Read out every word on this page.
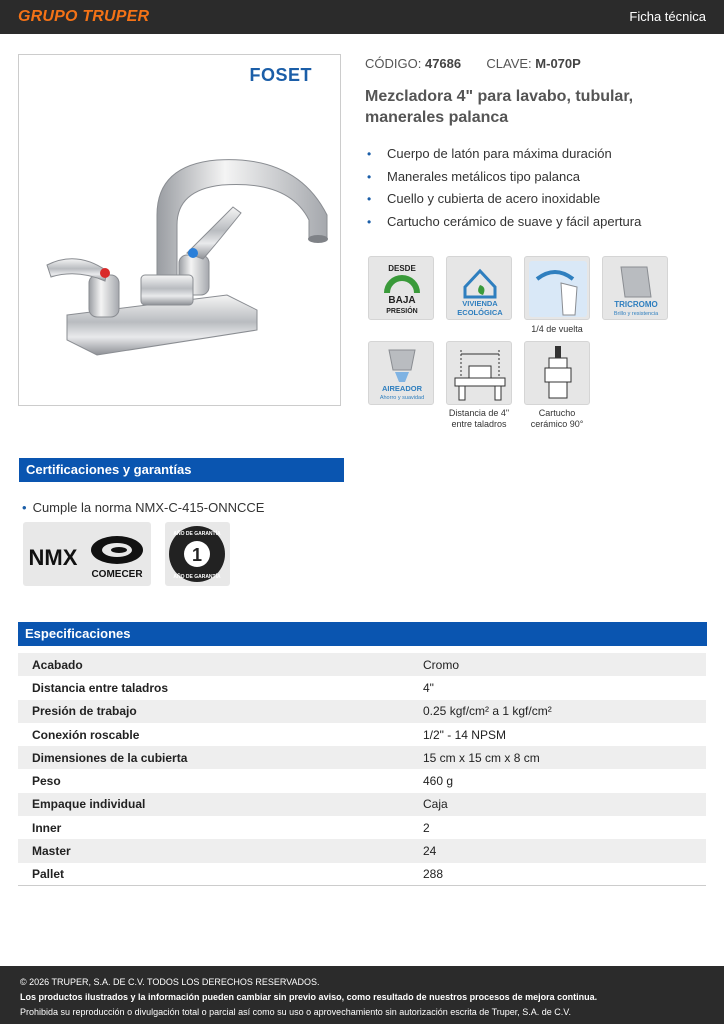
GRUPO TRUPER	Ficha técnica
FOSET
CÓDIGO: 47686 CLAVE: M-070P
Mezcladora 4" para lavabo, tubular, manerales palanca
• Cuerpo de latón para máxima duración
• Manerales metálicos tipo palanca
• Cuello y cubierta de acero inoxidable
• Cartucho cerámico de suave y fácil apertura
DESDE
BAJA
PRESIÓN
VIVIENDA
ECOLÓGICA
1/4 de vuelta
TRICROMO
Brillo y resistencia
AIREADOR
Ahorro y suavidad
Distancia de 4" entre taladros
Cartucho cerámico 90°
Certificaciones y garantías
• Cumple la norma NMX-C-415-ONNCCE
NMX
COMECER
1
AÑO DE GARANTÍA
AÑO DE GARANTÍA
Especificaciones
Acabado	Cromo
Distancia entre taladros	4"
Presión de trabajo	0.25 kgf/cm² a 1 kgf/cm²
Conexión roscable	1/2" - 14 NPSM
Dimensiones de la cubierta	15 cm x 15 cm x 8 cm
Peso	460 g
Empaque individual	Caja
Inner	2
Master	24
Pallet	288
© 2026 TRUPER, S.A. DE C.V. TODOS LOS DERECHOS RESERVADOS.
Los productos ilustrados y la información pueden cambiar sin previo aviso, como resultado de nuestros procesos de mejora continua.
Prohibida su reproducción o divulgación total o parcial así como su uso o aprovechamiento sin autorización escrita de Truper, S.A. de C.V.
